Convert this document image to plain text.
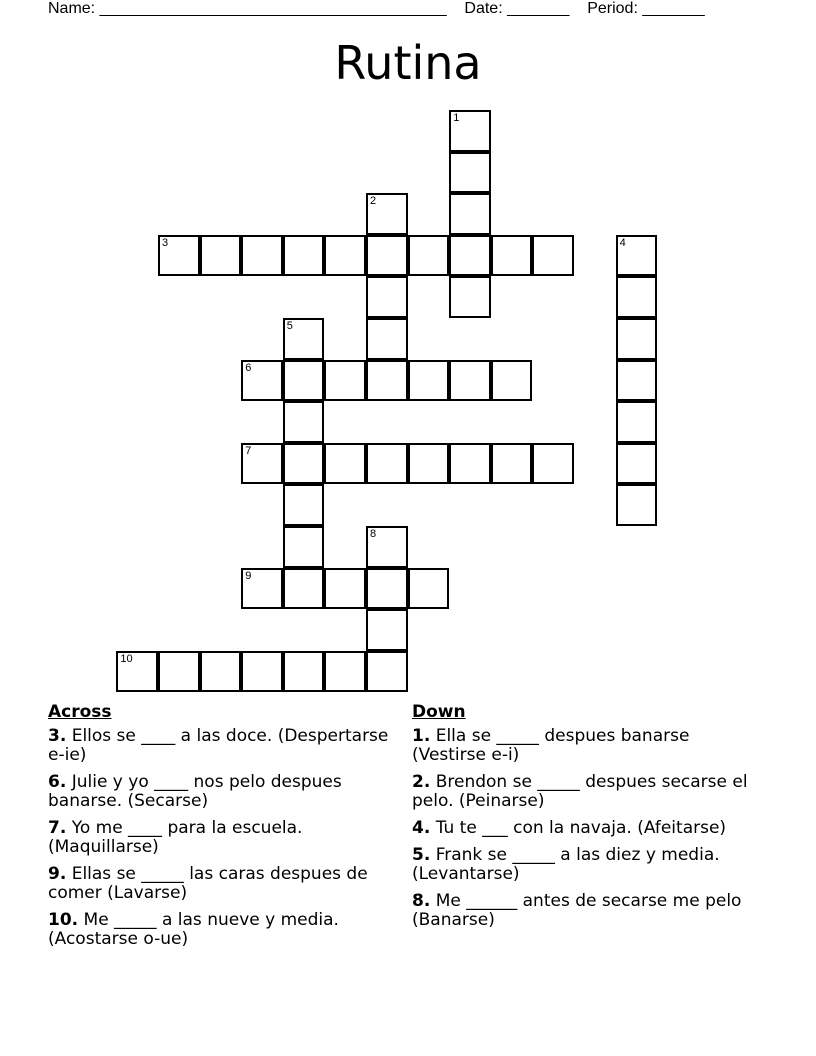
Name: _______________________________________ Date: _______ Period: _______
Rutina
1
2
3	4
5
6
7
8
9
10
Across
3. Ellos se ____ a las doce. (Despertarse e-ie)
6. Julie y yo ____ nos pelo despues banarse. (Secarse)
7. Yo me ____ para la escuela. (Maquillarse)
9. Ellas se _____ las caras despues de comer (Lavarse)
10. Me _____ a las nueve y media. (Acostarse o-ue)
Down
1. Ella se _____ despues banarse (Vestirse e-i)
2. Brendon se _____ despues secarse el pelo. (Peinarse)
4. Tu te ___ con la navaja. (Afeitarse)
5. Frank se _____ a las diez y media. (Levantarse)
8. Me ______ antes de secarse me pelo (Banarse)
